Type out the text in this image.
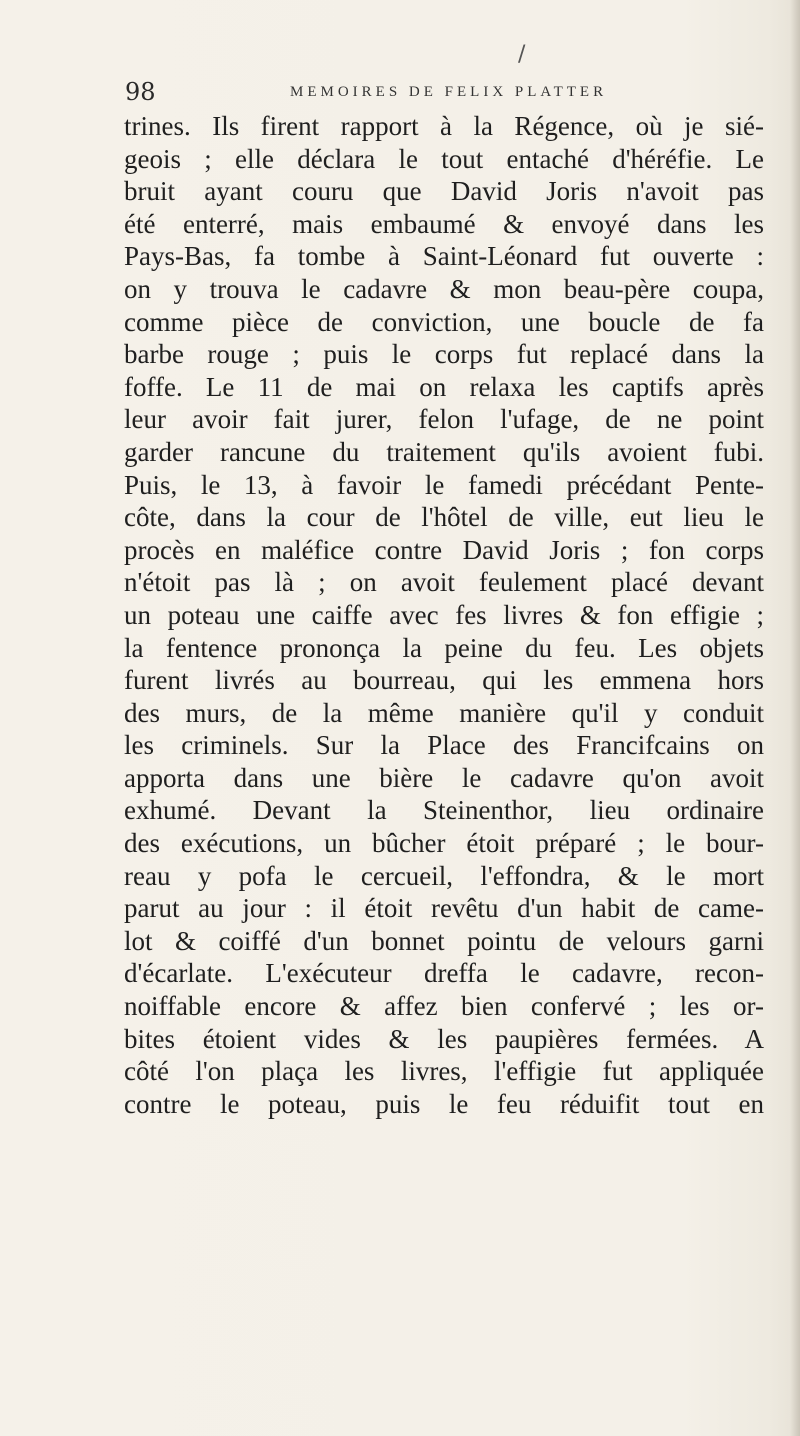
/
98	MEMOIRES DE FELIX PLATTER
trines. Ils firent rapport à la Régence, où je sié-
geois ; elle déclara le tout entaché d'héréfie. Le
bruit ayant couru que David Joris n'avoit pas
été enterré, mais embaumé & envoyé dans les
Pays-Bas, fa tombe à Saint-Léonard fut ouverte :
on y trouva le cadavre & mon beau-père coupa,
comme pièce de conviction, une boucle de fa
barbe rouge ; puis le corps fut replacé dans la
foffe. Le 11 de mai on relaxa les captifs après
leur avoir fait jurer, felon l'ufage, de ne point
garder rancune du traitement qu'ils avoient fubi.
Puis, le 13, à favoir le famedi précédant Pente-
côte, dans la cour de l'hôtel de ville, eut lieu le
procès en maléfice contre David Joris ; fon corps
n'étoit pas là ; on avoit feulement placé devant
un poteau une caiffe avec fes livres & fon effigie ;
la fentence prononça la peine du feu. Les objets
furent livrés au bourreau, qui les emmena hors
des murs, de la même manière qu'il y conduit
les criminels. Sur la Place des Francifcains on
apporta dans une bière le cadavre qu'on avoit
exhumé. Devant la Steinenthor, lieu ordinaire
des exécutions, un bûcher étoit préparé ; le bour-
reau y pofa le cercueil, l'effondra, & le mort
parut au jour : il étoit revêtu d'un habit de came-
lot & coiffé d'un bonnet pointu de velours garni
d'écarlate. L'exécuteur dreffa le cadavre, recon-
noiffable encore & affez bien confervé ; les or-
bites étoient vides & les paupières fermées. A
côté l'on plaça les livres, l'effigie fut appliquée
contre le poteau, puis le feu réduifit tout en
